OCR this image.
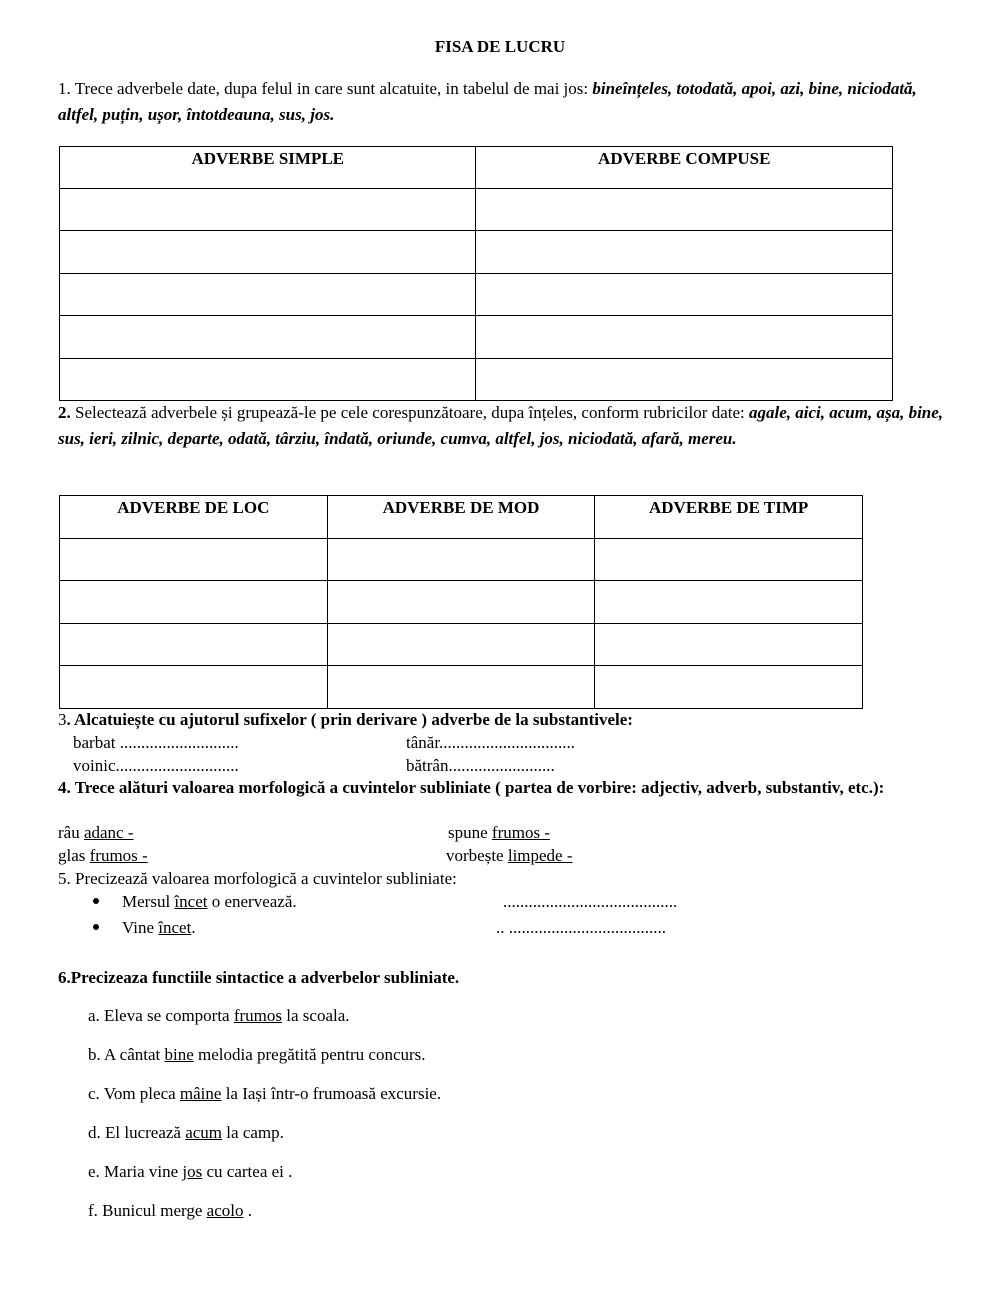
FISA DE LUCRU
1. Trece adverbele date, dupa felul in care sunt alcatuite, in tabelul de mai jos: bineînțeles, totodată, apoi, azi, bine, niciodată, altfel, puțin, ușor, întotdeauna, sus, jos.
ADVERBE SIMPLE	ADVERBE COMPUSE

2. Selectează adverbele și grupează-le pe cele corespunzătoare, dupa înțeles, conform rubricilor date: agale, aici, acum, așa, bine, sus, ieri, zilnic, departe, odată, târziu, îndată, oriunde, cumva, altfel, jos, niciodată, afară, mereu.
ADVERBE DE LOC	ADVERBE DE MOD	ADVERBE DE TIMP

3. Alcatuiește cu ajutorul sufixelor ( prin derivare ) adverbe de la substantivele:
barbat ............................	tânăr................................
voinic.............................	bătrân.........................
4. Trece alături valoarea morfologică a cuvintelor subliniate ( partea de vorbire: adjectiv, adverb, substantiv, etc.):
râu adanc -	spune frumos -
glas frumos -	vorbește limpede -
5. Precizează valoarea morfologică a cuvintelor subliniate:
Mersul încet o enervează.	.........................................
Vine încet.	.. .....................................
6.Precizeaza functiile sintactice a adverbelor subliniate.
a. Eleva se comporta frumos la scoala.
b. A cântat bine melodia pregătită pentru concurs.
c. Vom pleca mâine la Iași într-o frumoasă excursie.
d. El lucrează acum la camp.
e. Maria vine jos cu cartea ei .
f. Bunicul merge acolo .
